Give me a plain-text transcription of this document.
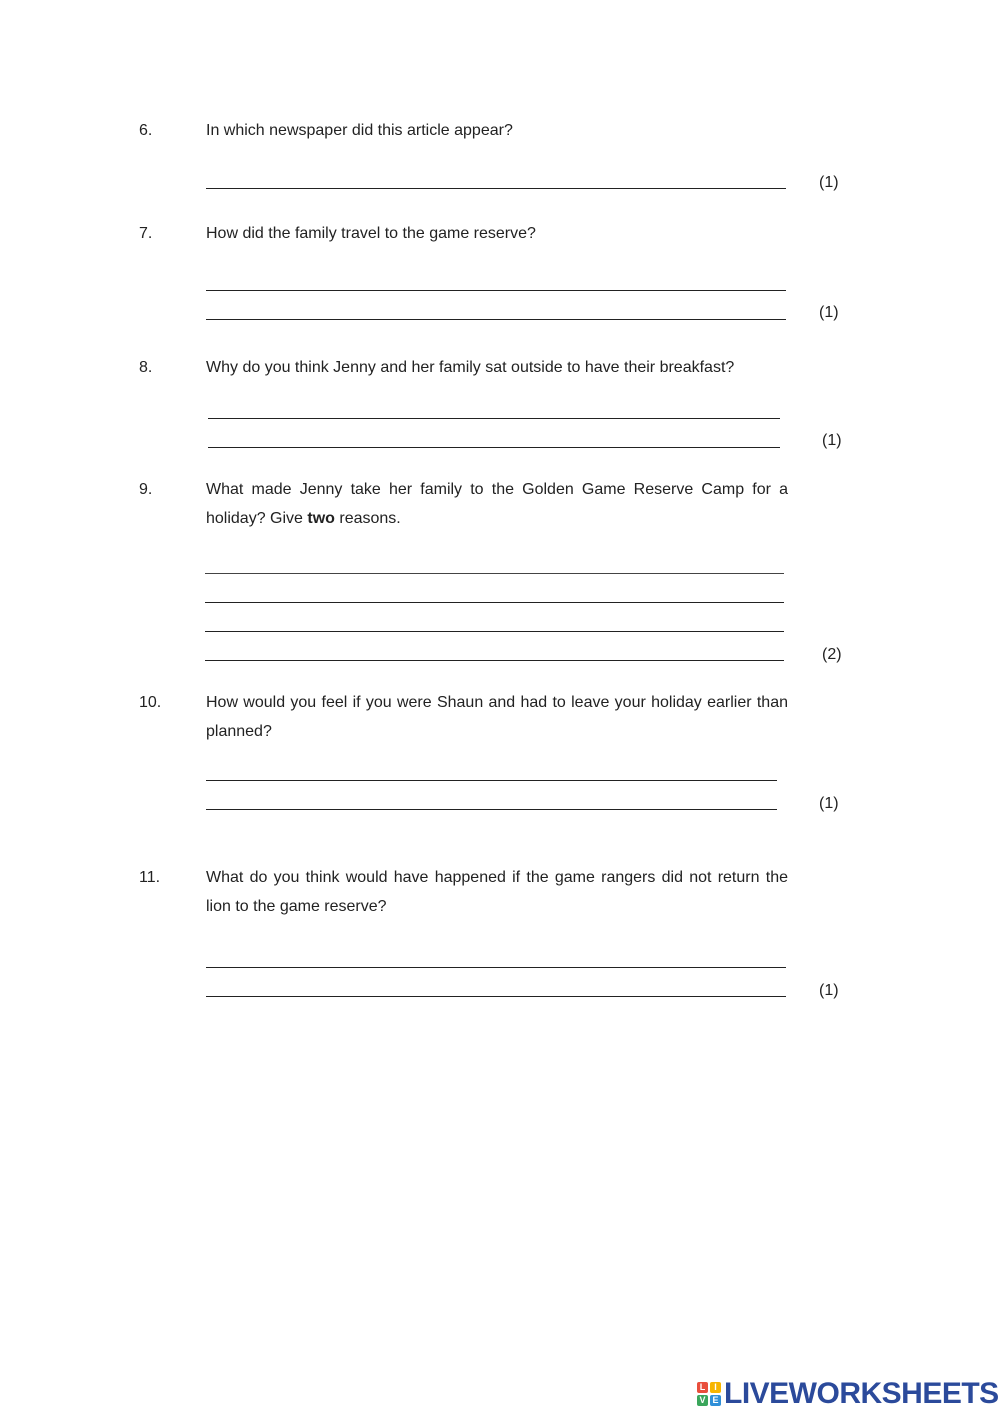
6.	In which newspaper did this article appear?
(1)
7.	How did the family travel to the game reserve?
(1)
8.	Why do you think Jenny and her family sat outside to have their breakfast?
(1)
9.	What made Jenny take her family to the Golden Game Reserve Camp for a holiday? Give two reasons.
(2)
10.	How would you feel if you were Shaun and had to leave your holiday earlier than planned?
(1)
11.	What do you think would have happened if the game rangers did not return the lion to the game reserve?
(1)
L I
V E LIVEWORKSHEETS
